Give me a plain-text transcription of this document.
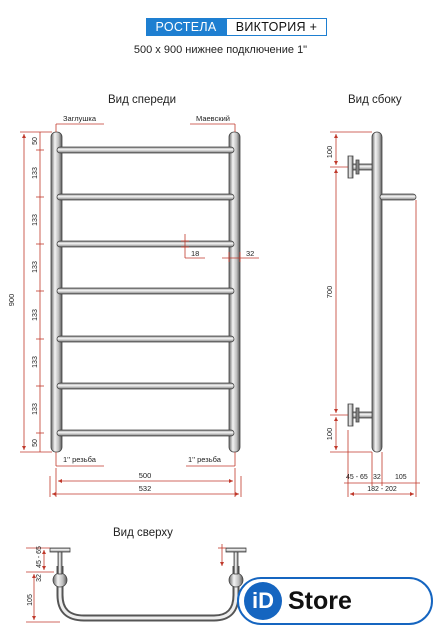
РОСТЕЛА	ВИКТОРИЯ +
500 x 900 нижнее подключение 1"
Вид спереди	Вид сбоку
Вид сверху
Заглушка	Маевский
1'' резьба	1'' резьба
900
50
133
133
133
133
133
133
50
18	32
500
532
100
700
100
45 - 65 32 105
182 - 202
32
45 - 65
105	iD Store
